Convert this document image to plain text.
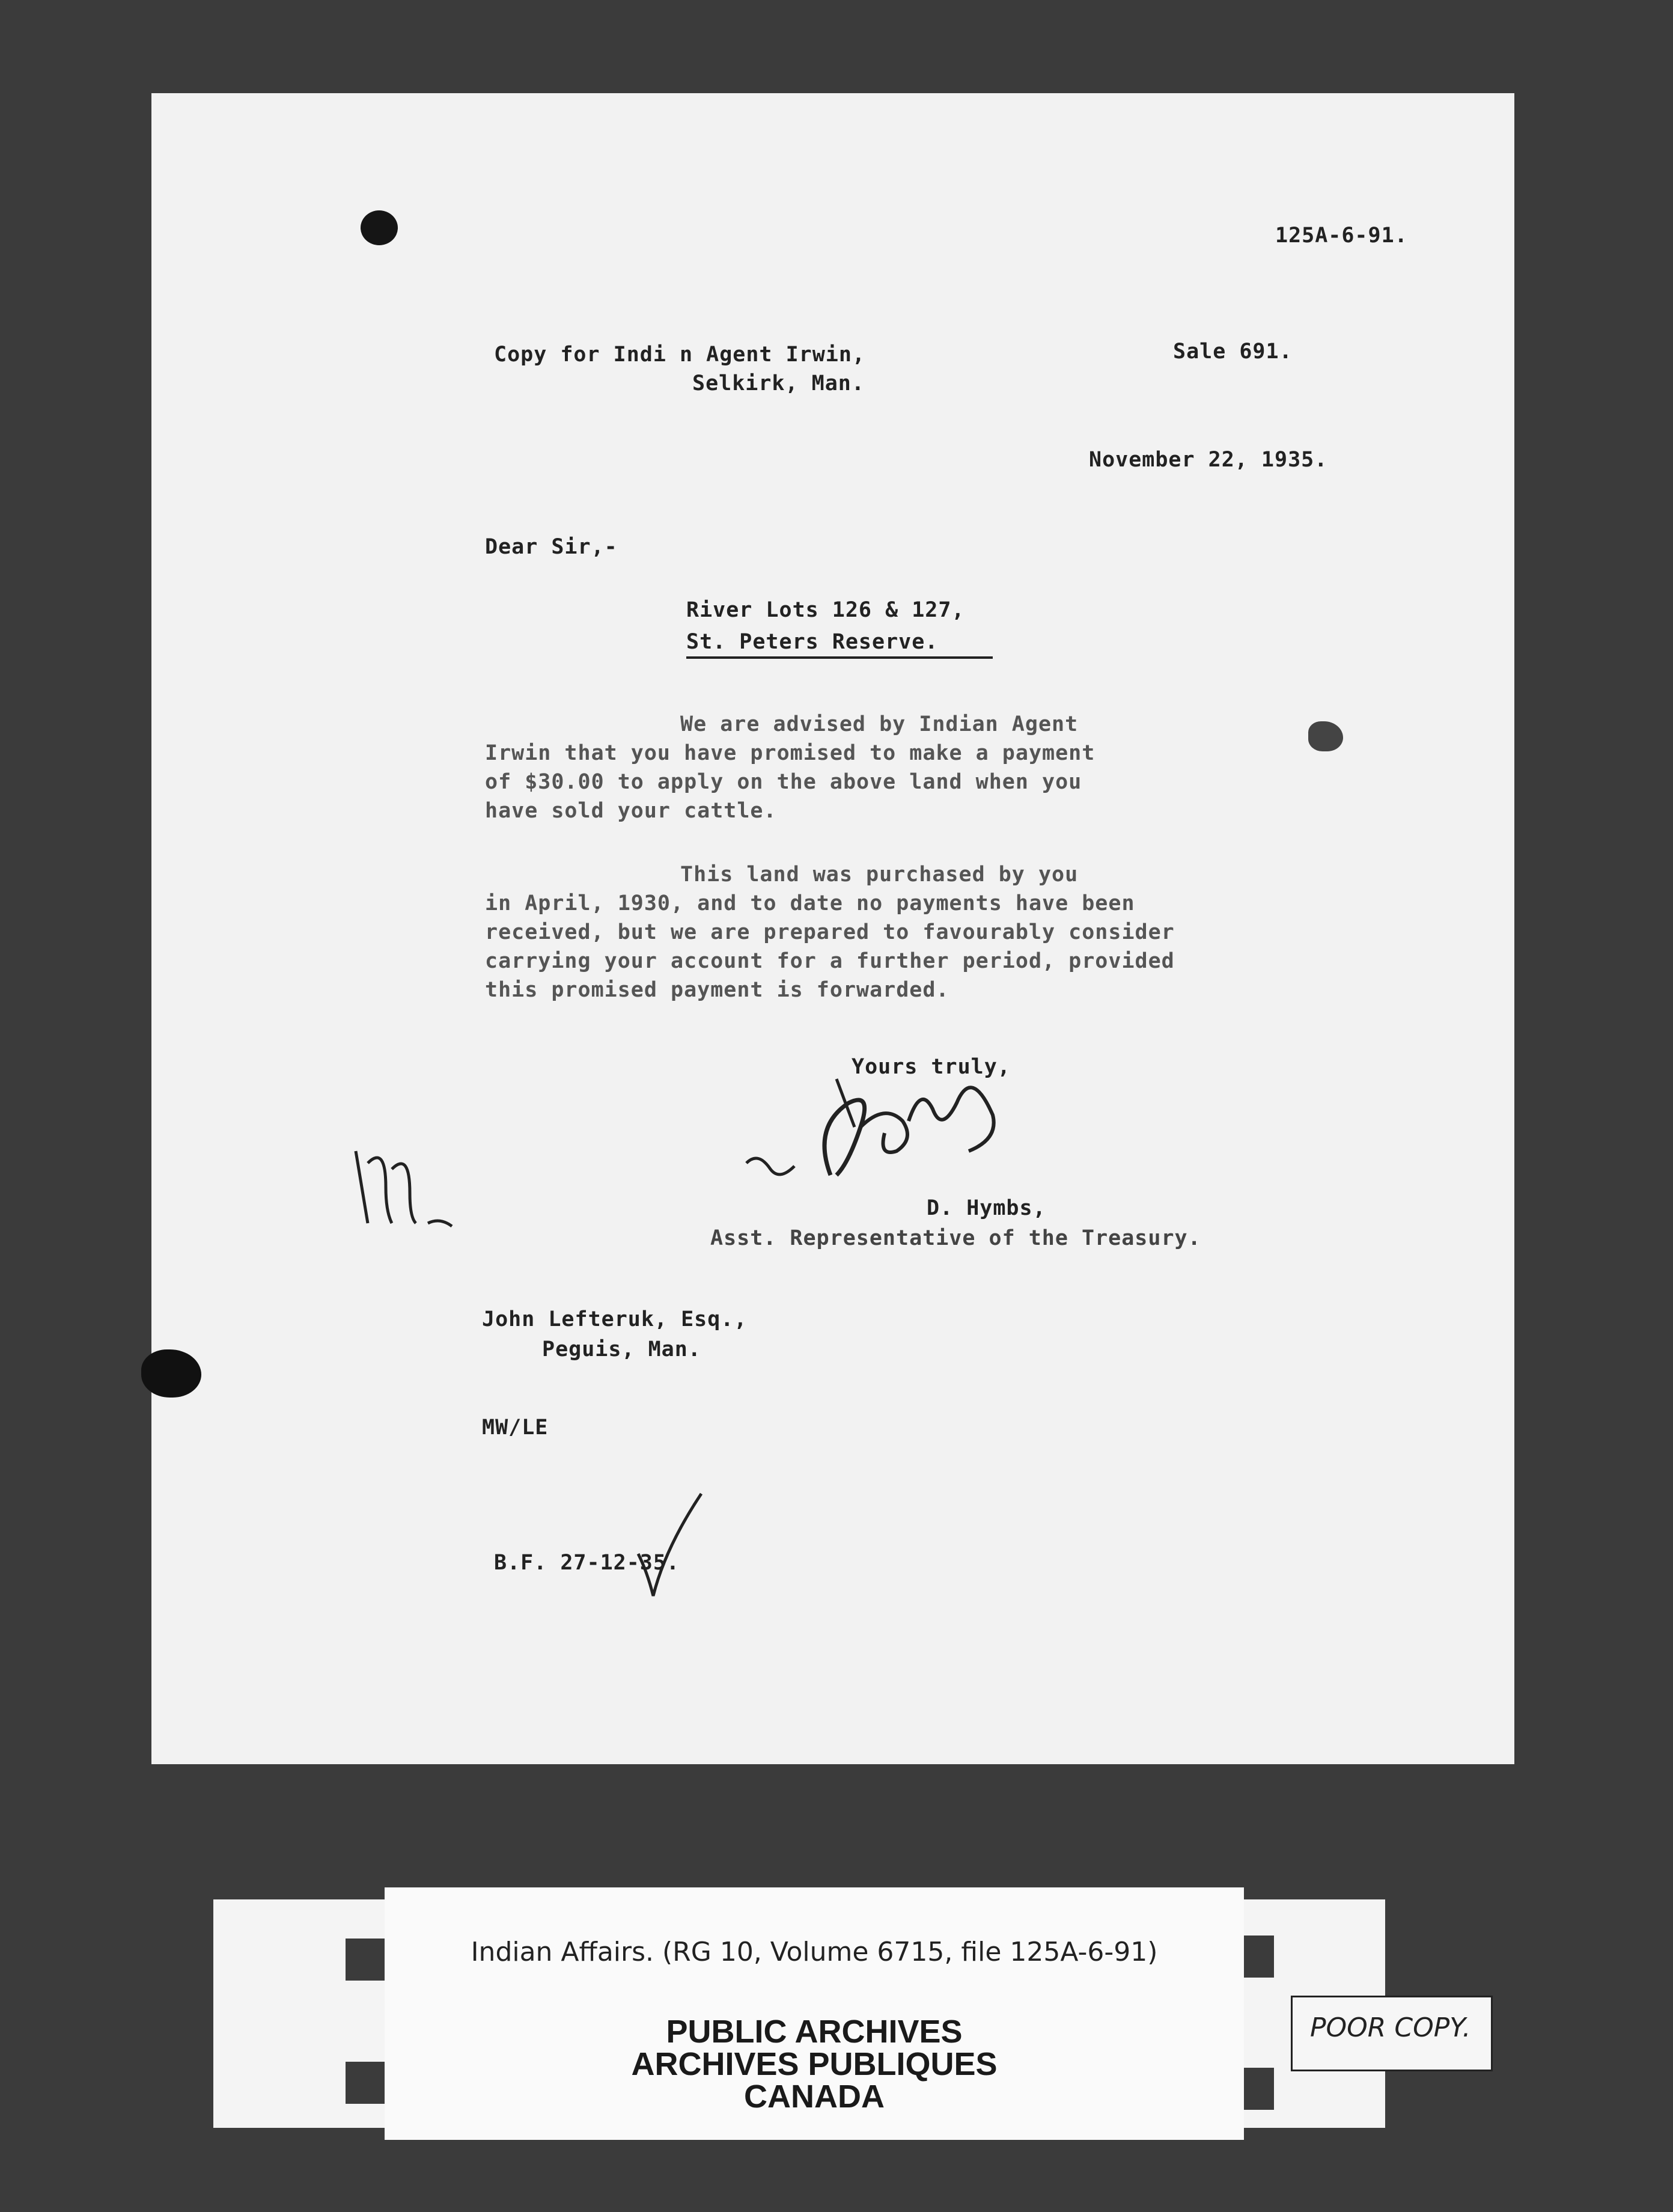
125A-6-91.
Copy for Indi n Agent Irwin,
Selkirk, Man.
Sale 691.
November 22, 1935.
Dear Sir,-
River Lots 126 & 127,
St. Peters Reserve.
We are advised by Indian Agent
Irwin that you have promised to make a payment
of $30.00 to apply on the above land when you
have sold your cattle.
This land was purchased by you
in April, 1930, and to date no payments have been
received, but we are prepared to favourably consider
carrying your account for a further period, provided
this promised payment is forwarded.
Yours truly,
D. Hymbs,
Asst. Representative of the Treasury.
John Lefteruk, Esq.,
Peguis, Man.
MW/LE
B.F. 27-12-35.
Indian Affairs. (RG 10, Volume 6715, file 125A-6-91)
PUBLIC ARCHIVES
ARCHIVES PUBLIQUES
CANADA
POOR COPY.
